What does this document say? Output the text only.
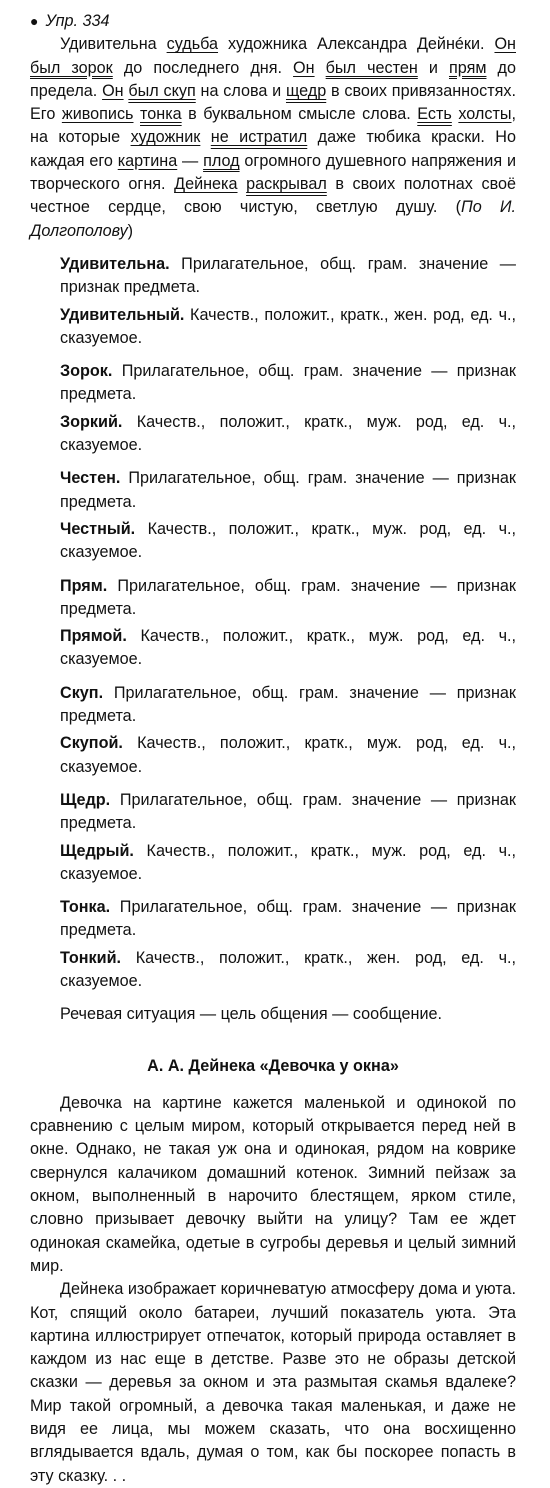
● Упр. 334

Удивительна судьба художника Александра Дейнéки. Он был зорок до последнего дня. Он был честен и прям до предела. Он был скуп на слова и щедр в своих привязанностях. Его живопись тонка в буквальном смысле слова. Есть холсты, на которые художник не истратил даже тюбика краски. Но каждая его картина — плод огромного душевного напряжения и творческого огня. Дейнека раскрывал в своих полотнах своё честное сердце, свою чистую, светлую душу. (По И. Долгополову)

Удивительна. Прилагательное, общ. грам. значение — признак предмета.

Удивительный. Качеств., положит., кратк., жен. род, ед. ч., сказуемое.

Зорок. Прилагательное, общ. грам. значение — признак предмета.

Зоркий. Качеств., положит., кратк., муж. род, ед. ч., сказуемое.

Честен. Прилагательное, общ. грам. значение — признак предмета.

Честный. Качеств., положит., кратк., муж. род, ед. ч., сказуемое.

Прям. Прилагательное, общ. грам. значение — признак предмета.

Прямой. Качеств., положит., кратк., муж. род, ед. ч., сказуемое.

Скуп. Прилагательное, общ. грам. значение — признак предмета.

Скупой. Качеств., положит., кратк., муж. род, ед. ч., сказуемое.

Щедр. Прилагательное, общ. грам. значение — признак предмета.

Щедрый. Качеств., положит., кратк., муж. род, ед. ч., сказуемое.

Тонка. Прилагательное, общ. грам. значение — признак предмета.

Тонкий. Качеств., положит., кратк., жен. род, ед. ч., сказуемое.

Речевая ситуация — цель общения — сообщение.

А. А. Дейнека «Девочка у окна»

Девочка на картине кажется маленькой и одинокой по сравнению с целым миром, который открывается перед ней в окне. Однако, не такая уж она и одинокая, рядом на коврике свернулся калачиком домашний котенок. Зимний пейзаж за окном, выполненный в нарочито блестящем, ярком стиле, словно призывает девочку выйти на улицу? Там ее ждет одинокая скамейка, одетые в сугробы деревья и целый зимний мир.

Дейнека изображает коричневатую атмосферу дома и уюта. Кот, спящий около батареи, лучший показатель уюта. Эта картина иллюстрирует отпечаток, который природа оставляет в каждом из нас еще в детстве. Разве это не образы детской сказки — деревья за окном и эта размытая скамья вдалеке? Мир такой огромный, а девочка такая маленькая, и даже не видя ее лица, мы можем сказать, что она восхищенно вглядывается вдаль, думая о том, как бы поскорее попасть в эту сказку. . .
